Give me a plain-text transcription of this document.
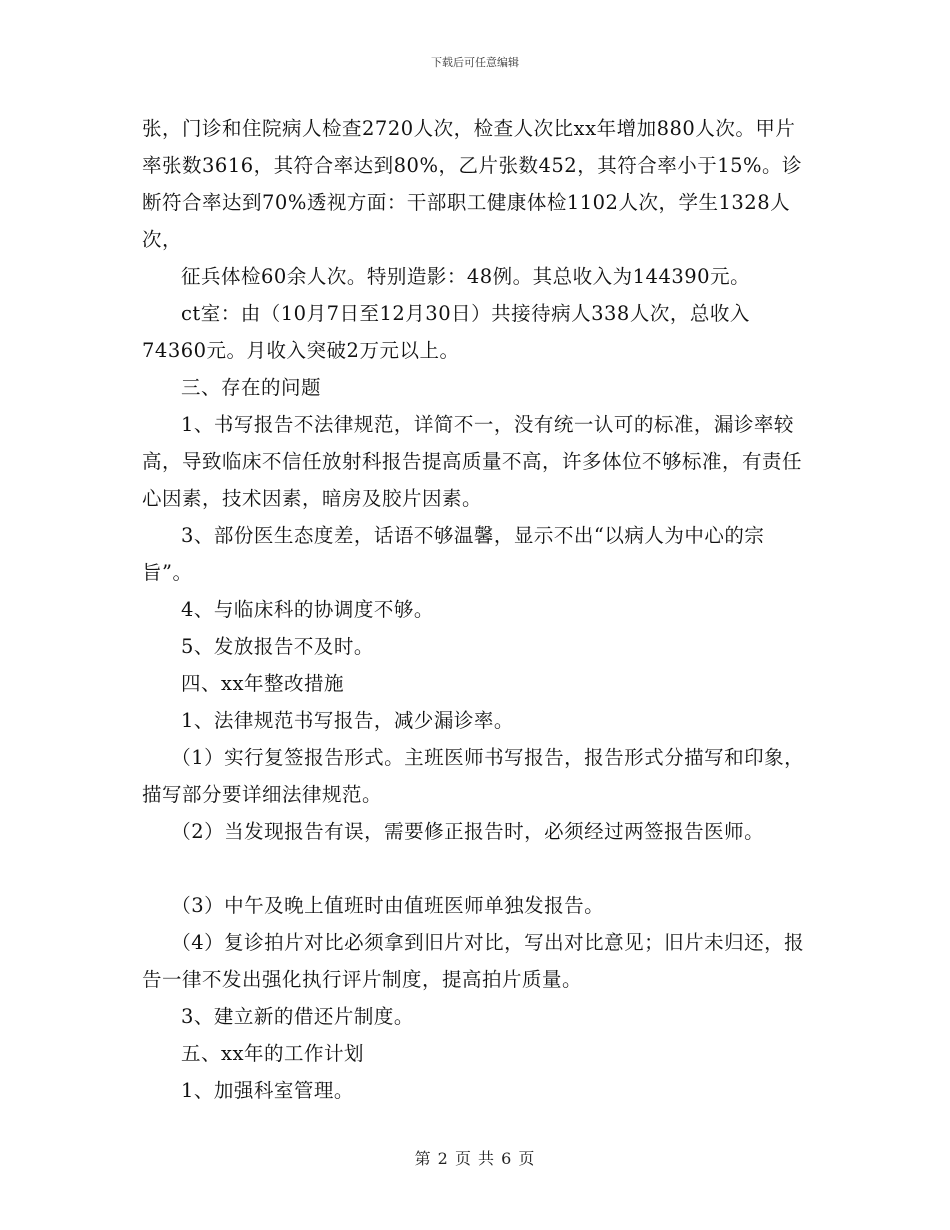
下载后可任意编辑

张，门诊和住院病人检查2720人次，检查人次比xx年增加880人次。甲片率张数3616，其符合率达到80%，乙片张数452，其符合率小于15%。诊断符合率达到70%透视方面：干部职工健康体检1102人次，学生1328人次，

征兵体检60余人次。特别造影：48例。其总收入为144390元。

ct室：由（10月7日至12月30日）共接待病人338人次，总收入74360元。月收入突破2万元以上。

三、存在的问题

1、书写报告不法律规范，详简不一，没有统一认可的标准，漏诊率较高，导致临床不信任放射科报告提高质量不高，许多体位不够标准，有责任心因素，技术因素，暗房及胶片因素。

3、部份医生态度差，话语不够温馨，显示不出“以病人为中心的宗旨”。

4、与临床科的协调度不够。

5、发放报告不及时。

四、xx年整改措施

1、法律规范书写报告，减少漏诊率。

（1）实行复签报告形式。主班医师书写报告，报告形式分描写和印象，描写部分要详细法律规范。

（2）当发现报告有误，需要修正报告时，必须经过两签报告医师。

（3）中午及晚上值班时由值班医师单独发报告。

（4）复诊拍片对比必须拿到旧片对比，写出对比意见；旧片未归还，报告一律不发出强化执行评片制度，提高拍片质量。

3、建立新的借还片制度。

五、xx年的工作计划

1、加强科室管理。

第 2 页 共 6 页
